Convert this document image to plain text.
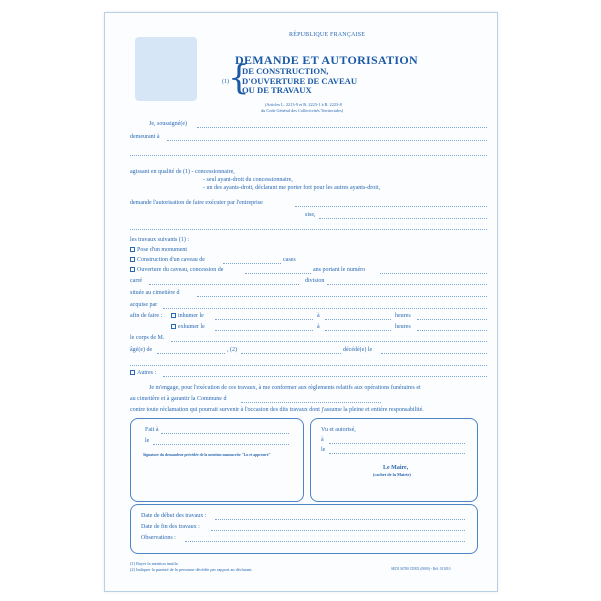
RÉPUBLIQUE FRANÇAISE
DEMANDE ET AUTORISATION
(1) {
DE CONSTRUCTION,
D'OUVERTURE DE CAVEAU
OU DE TRAVAUX
(Articles L. 2213-9 et R. 2223-1 à R. 2223-8
du Code Général des Collectivités Territoriales)
Je, soussigné(e)
demeurant à
agissant en qualité de (1) - concessionnaire,
- seul ayant-droit du concessionnaire,
- un des ayants-droit, déclarant me porter fort pour les autres ayants-droit,
demande l'autorisation de faire exécuter par l'entreprise
sise,
les travaux suivants (1) :
Pose d'un monument
Construction d'un caveau de	cases
Ouverture du caveau, concession de	ans portant le numéro
carré	division
située au cimetière d
acquise par
afin de faire :	inhumer le	à	heures
exhumer le	à	heures
le corps de M.
âgé(e) de	, (2)	décédé(e) le
Autres :
Je m'engage, pour l'exécution de ces travaux, à me conformer aux règlements relatifs aux opérations funéraires et
au cimetière et à garantir la Commune d
contre toute réclamation qui pourrait survenir à l'occasion des dits travaux dont j'assume la pleine et entière responsabilité.
Fait à
le
Signature du demandeur précédée de la mention manuscrite "Lu et approuvé"
Vu et autorisé,
à
le
Le Maire,
(cachet de la Mairie)
Date de début des travaux :
Date de fin des travaux :
Observations :
(1) Rayer la mention inutile.
(2) Indiquer la parenté de la personne décédée par rapport au déclarant.	SEDI 36780 CERX (0000) - Réf. 011010
